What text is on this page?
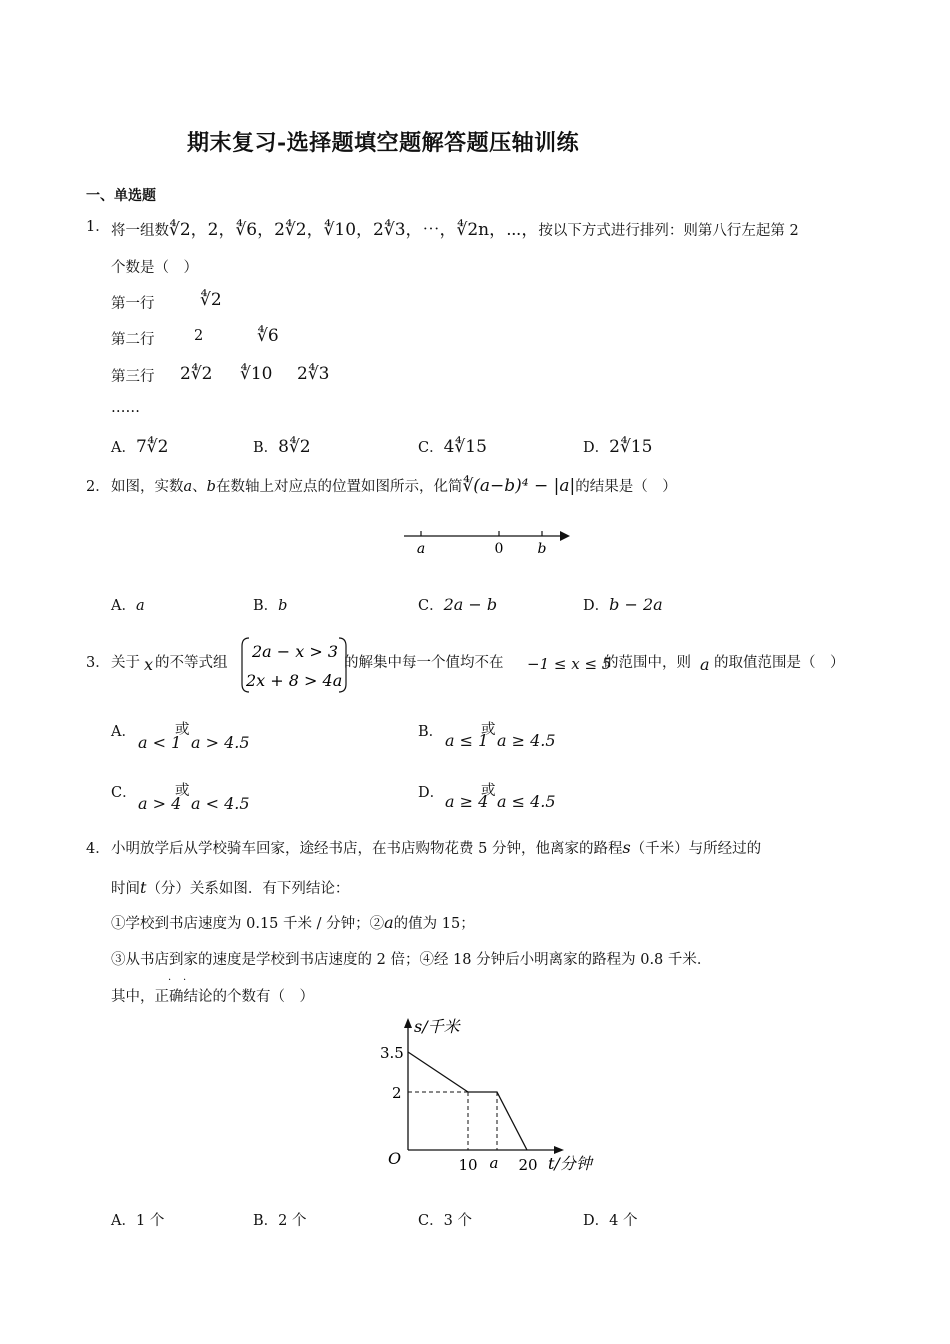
期末复习-选择题填空题解答题压轴训练
一、单选题
1． 将一组数∜2，2，∜6，2∜2，∜10，2∜3，⋯，∜2n，⋯，按以下方式进行排列：则第八行左起第 2
个数是（　）
第一行	∜2
第二行	2	∜6
第三行 2∜2 ∜10 2∜3
……
A．7∜2	B．8∜2	C．4∜15	D．2∜15
2． 如图，实数a、b在数轴上对应点的位置如图所示，化简∜(a−b)⁴ − |a|的结果是（　）
a	0 b
A．a	B．b	C．2a − b	D．b − 2a
3． 关于 x 的不等式组
2a − x > 3
2x + 8 > 4a
的解集中每一个值均不在 −1 ≤ x ≤ 5
的范围中，则 a 的取值范围是（　）
A．
a < 1
或
a > 4.5
B． a ≤ 1
或
a ≥ 4.5
C．
a > 4
或
a < 4.5
D． a ≥ 4
或
a ≤ 4.5
4． 小明放学后从学校骑车回家，途经书店，在书店购物花费 5 分钟，他离家的路程s（千米）与所经过的
时间t（分）关系如图．有下列结论：
①学校到书店速度为 0.15 千米 / 分钟；②a的值为 15；
③从书店到家的速度是学校到书店速度的 2 倍；④经 18 分钟后小明离家的路程为 0.8 千米．
其中，正确结论的个数有（　）
· ·
s/千米
3.5
2
O	10 a 20 t/分钟
A．1 个	B．2 个	C．3 个	D．4 个
